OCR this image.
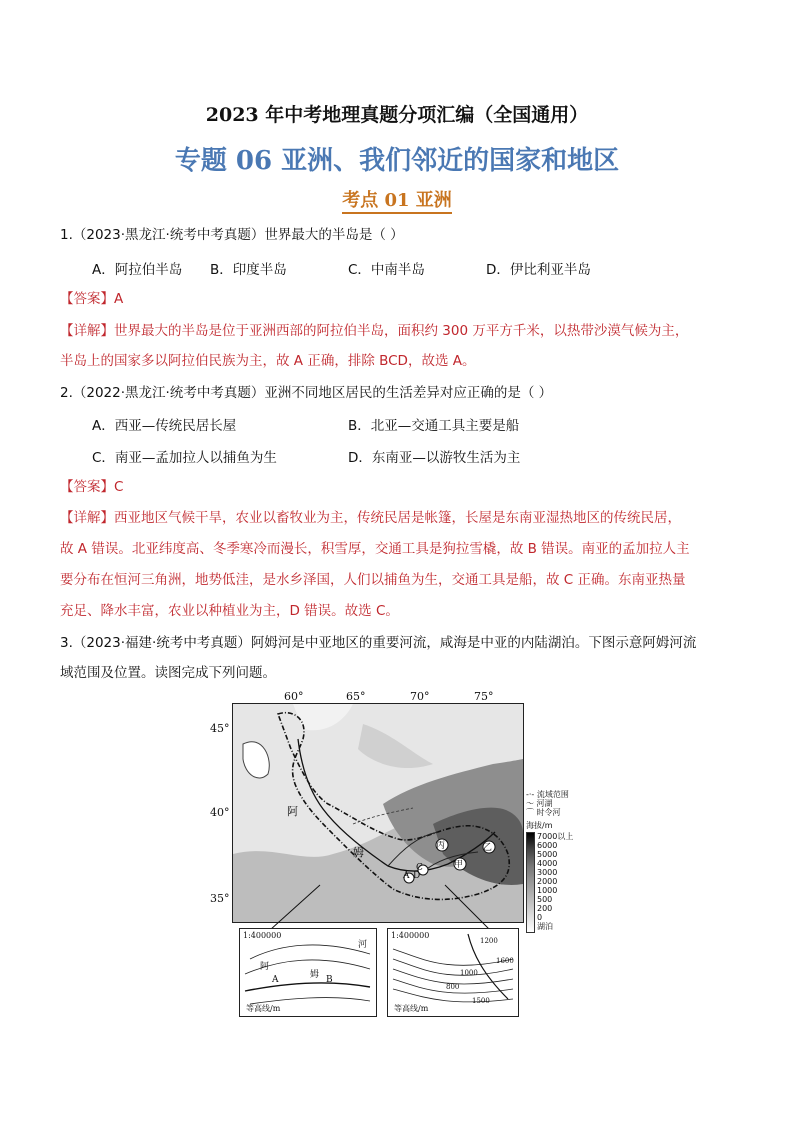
2023 年中考地理真题分项汇编（全国通用）
专题 06 亚洲、我们邻近的国家和地区
考点 01 亚洲
1.（2023·黑龙江·统考中考真题）世界最大的半岛是（ ）
A．阿拉伯半岛 B．印度半岛	C．中南半岛	D．伊比利亚半岛
【答案】A
【详解】世界最大的半岛是位于亚洲西部的阿拉伯半岛，面积约 300 万平方千米，以热带沙漠气候为主，
半岛上的国家多以阿拉伯民族为主，故 A 正确，排除 BCD，故选 A。
2.（2022·黑龙江·统考中考真题）亚洲不同地区居民的生活差异对应正确的是（ ）
A．西亚—传统民居长屋	B．北亚—交通工具主要是船
C．南亚—孟加拉人以捕鱼为生	D．东南亚—以游牧生活为主
【答案】C
【详解】西亚地区气候干旱，农业以畜牧业为主，传统民居是帐篷，长屋是东南亚湿热地区的传统民居，
故 A 错误。北亚纬度高、冬季寒冷而漫长，积雪厚，交通工具是狗拉雪橇，故 B 错误。南亚的孟加拉人主
要分布在恒河三角洲，地势低洼，是水乡泽国，人们以捕鱼为生，交通工具是船，故 C 正确。东南亚热量
充足、降水丰富，农业以种植业为主，D 错误。故选 C。
3.（2023·福建·统考中考真题）阿姆河是中亚地区的重要河流，咸海是中亚的内陆湖泊。下图示意阿姆河流
域范围及位置。读图完成下列问题。
60°	65°	70°	75°
45°
40°
35°
阿
姆	丙	乙
甲
C
A D
-·- 流域范围
～ 河湖
⌒ 时令河
海拔/m
7000以上
6000
5000
4000
3000
2000
1000
500
200
0
湖泊
1:400000
阿
姆
河
A	B
等高线/m
1:400000
1200
1000
800
1600
1500
等高线/m
